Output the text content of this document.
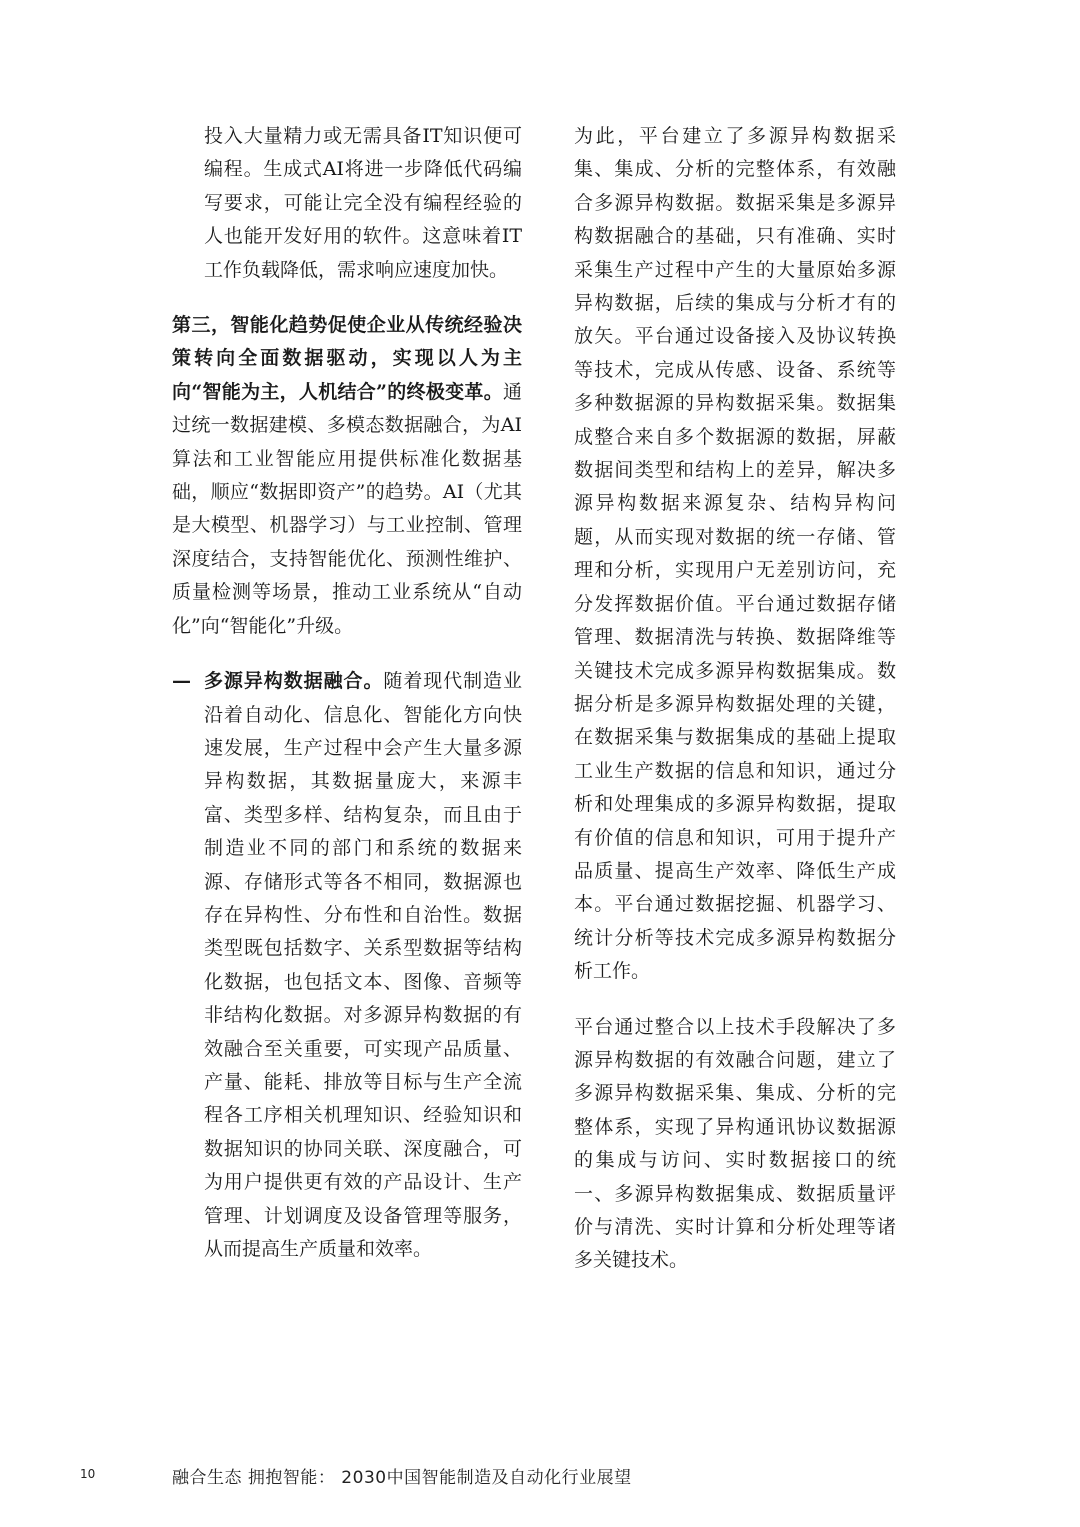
投入大量精力或无需具备IT知识便可编程。生成式AI将进一步降低代码编写要求，可能让完全没有编程经验的人也能开发好用的软件。这意味着IT工作负载降低，需求响应速度加快。

第三，智能化趋势促使企业从传统经验决策转向全面数据驱动，实现以人为主向“智能为主，人机结合”的终极变革。通过统一数据建模、多模态数据融合，为AI算法和工业智能应用提供标准化数据基础，顺应“数据即资产”的趋势。AI（尤其是大模型、机器学习）与工业控制、管理深度结合，支持智能优化、预测性维护、质量检测等场景，推动工业系统从“自动化”向“智能化”升级。

— 多源异构数据融合。随着现代制造业沿着自动化、信息化、智能化方向快速发展，生产过程中会产生大量多源异构数据，其数据量庞大，来源丰富、类型多样、结构复杂，而且由于制造业不同的部门和系统的数据来源、存储形式等各不相同，数据源也存在异构性、分布性和自治性。数据类型既包括数字、关系型数据等结构化数据，也包括文本、图像、音频等非结构化数据。对多源异构数据的有效融合至关重要，可实现产品质量、产量、能耗、排放等目标与生产全流程各工序相关机理知识、经验知识和数据知识的协同关联、深度融合，可为用户提供更有效的产品设计、生产管理、计划调度及设备管理等服务，从而提高生产质量和效率。

为此，平台建立了多源异构数据采集、集成、分析的完整体系，有效融合多源异构数据。数据采集是多源异构数据融合的基础，只有准确、实时采集生产过程中产生的大量原始多源异构数据，后续的集成与分析才有的放矢。平台通过设备接入及协议转换等技术，完成从传感、设备、系统等多种数据源的异构数据采集。数据集成整合来自多个数据源的数据，屏蔽数据间类型和结构上的差异，解决多源异构数据来源复杂、结构异构问题，从而实现对数据的统一存储、管理和分析，实现用户无差别访问，充分发挥数据价值。平台通过数据存储管理、数据清洗与转换、数据降维等关键技术完成多源异构数据集成。数据分析是多源异构数据处理的关键，在数据采集与数据集成的基础上提取工业生产数据的信息和知识，通过分析和处理集成的多源异构数据，提取有价值的信息和知识，可用于提升产品质量、提高生产效率、降低生产成本。平台通过数据挖掘、机器学习、统计分析等技术完成多源异构数据分析工作。

平台通过整合以上技术手段解决了多源异构数据的有效融合问题，建立了多源异构数据采集、集成、分析的完整体系，实现了异构通讯协议数据源的集成与访问、实时数据接口的统一、多源异构数据集成、数据质量评价与清洗、实时计算和分析处理等诸多关键技术。

10	融合生态 拥抱智能： 2030中国智能制造及自动化行业展望
